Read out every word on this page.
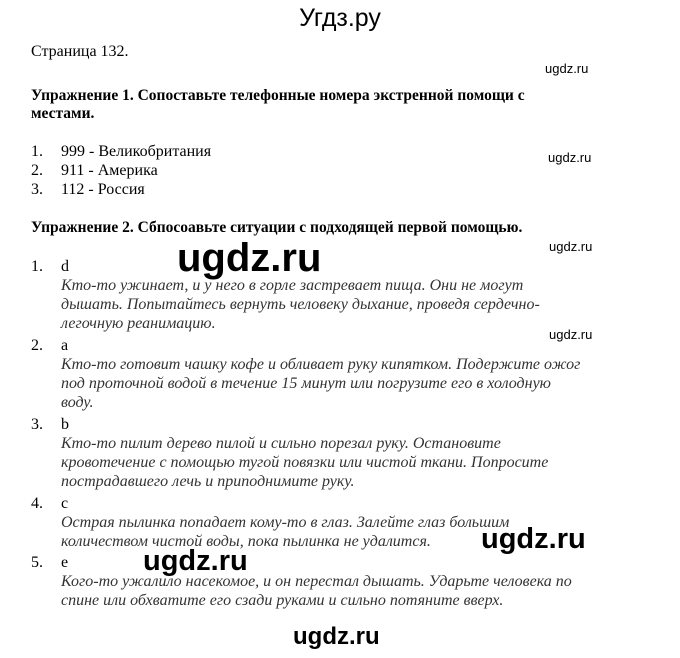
Угдз.ру
Страница 132.
Упражнение 1. Сопоставьте телефонные номера экстренной помощи с
местами.
1. 999 - Великобритания
2. 911 - Америка
3. 112 - Россия
Упражнение 2. Сбпосоавьте ситуации с подходящей первой помощью.
1. d
Кто-то ужинает, и у него в горле застревает пища. Они не могут
дышать. Попытайтесь вернуть человеку дыхание, проведя сердечно-
легочную реанимацию.
2. a
Кто-то готовит чашку кофе и обливает руку кипятком. Подержите ожог
под проточной водой в течение 15 минут или погрузите его в холодную
воду.
3. b
Кто-то пилит дерево пилой и сильно порезал руку. Остановите
кровотечение с помощью тугой повязки или чистой ткани. Попросите
пострадавшего лечь и приподнимите руку.
4. c
Острая пылинка попадает кому-то в глаз. Залейте глаз большим
количеством чистой воды, пока пылинка не удалится.
5. e
Кого-то ужалило насекомое, и он перестал дышать. Ударьте человека по
спине или обхватите его сзади руками и сильно потяните вверх.
ugdz.ru
ugdz.ru
ugdz.ru
ugdz.ru
ugdz.ru
ugdz.ru
ugdz.ru
ugdz.ru
